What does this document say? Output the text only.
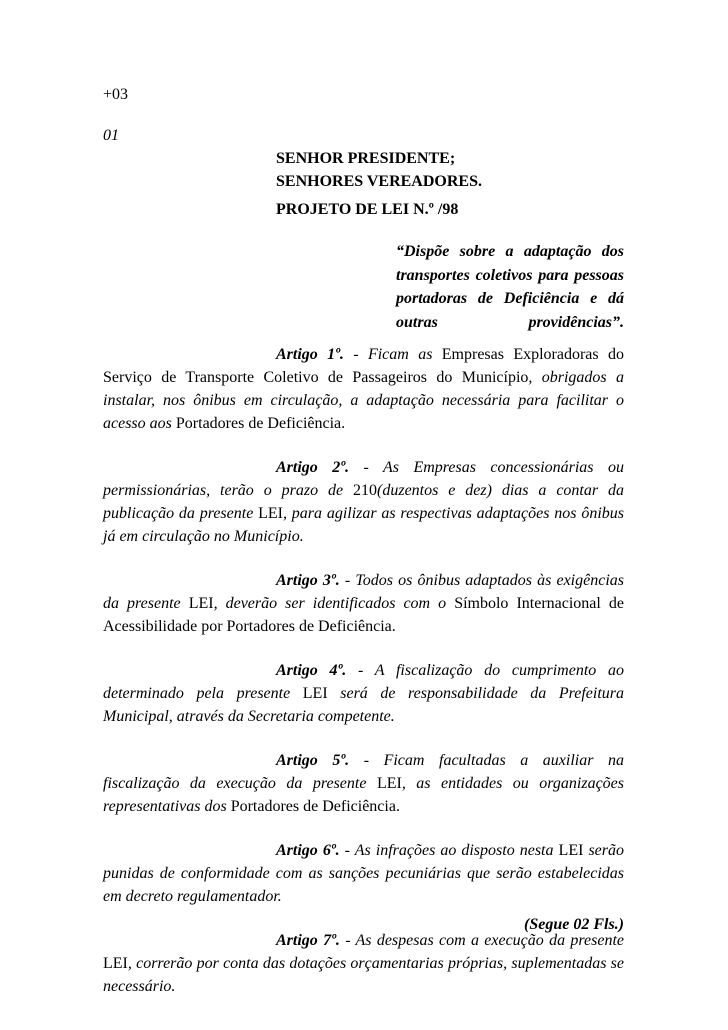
+03
01
SENHOR PRESIDENTE;
SENHORES VEREADORES.
PROJETO DE LEI N.º /98
“Dispõe sobre a adaptação dos transportes coletivos para pessoas portadoras de Deficiência e dá outras providências”.

Artigo 1º. - Ficam as Empresas Exploradoras do Serviço de Transporte Coletivo de Passageiros do Município, obrigados a instalar, nos ônibus em circulação, a adaptação necessária para facilitar o acesso aos Portadores de Deficiência.

Artigo 2º. - As Empresas concessionárias ou permissionárias, terão o prazo de 210(duzentos e dez) dias a contar da publicação da presente LEI, para agilizar as respectivas adaptações nos ônibus já em circulação no Município.

Artigo 3º. - Todos os ônibus adaptados às exigências da presente LEI, deverão ser identificados com o Símbolo Internacional de Acessibilidade por Portadores de Deficiência.

Artigo 4º. - A fiscalização do cumprimento ao determinado pela presente LEI será de responsabilidade da Prefeitura Municipal, através da Secretaria competente.

Artigo 5º. - Ficam facultadas a auxiliar na fiscalização da execução da presente LEI, as entidades ou organizações representativas dos Portadores de Deficiência.

Artigo 6º. - As infrações ao disposto nesta LEI serão punidas de conformidade com as sanções pecuniárias que serão estabelecidas em decreto regulamentador.

Artigo 7º. - As despesas com a execução da presente LEI, correrão por conta das dotações orçamentarias próprias, suplementadas se necessário.

(Segue 02 Fls.)
